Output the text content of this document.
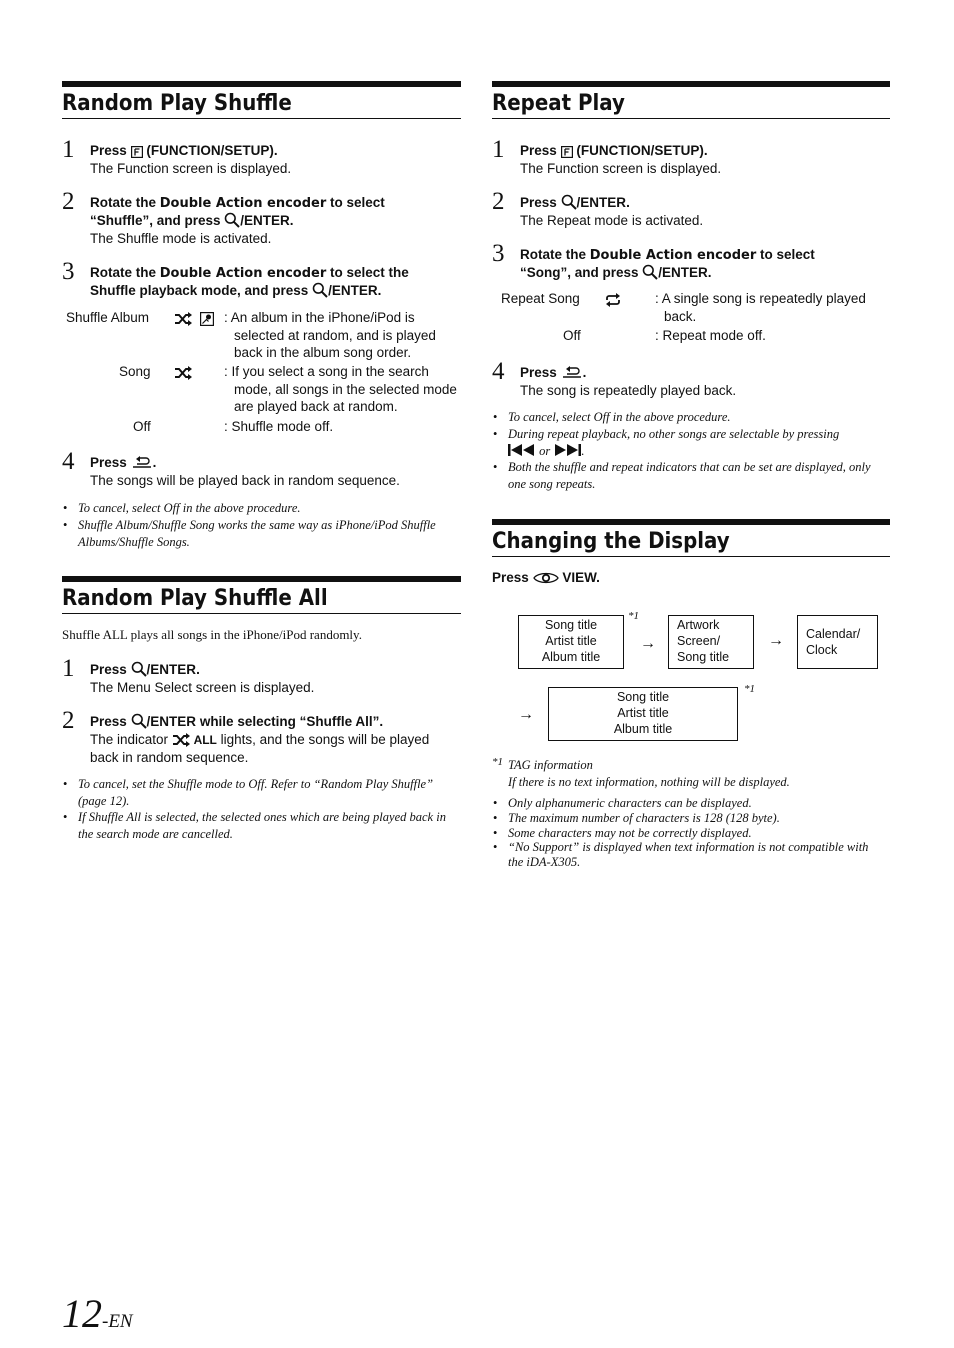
Random Play Shuffle
1 Press (FUNCTION/SETUP).
The Function screen is displayed.
2 Rotate the Double Action encoder to select
“Shuffle”, and press /ENTER.
The Shuffle mode is activated.
3 Rotate the Double Action encoder to select the
Shuffle playback mode, and press /ENTER.
Shuffle Album	: An album in the iPhone/iPod is selected at random, and is played back in the album song order.
Song	: If you select a song in the search mode, all songs in the selected mode are played back at random.
Off	: Shuffle mode off.
4 Press .
The songs will be played back in random sequence.
• To cancel, select Off in the above procedure.
• Shuffle Album/Shuffle Song works the same way as iPhone/iPod Shuffle Albums/Shuffle Songs.
Random Play Shuffle All
Shuffle ALL plays all songs in the iPhone/iPod randomly.
1 Press /ENTER.
The Menu Select screen is displayed.
2 Press /ENTER while selecting “Shuffle All”.
The indicator  ALL lights, and the songs will be played back in random sequence.
• To cancel, set the Shuffle mode to Off. Refer to “Random Play Shuffle” (page 12).
• If Shuffle All is selected, the selected ones which are being played back in the search mode are cancelled.
Repeat Play
1 Press (FUNCTION/SETUP).
The Function screen is displayed.
2 Press /ENTER.
The Repeat mode is activated.
3 Rotate the Double Action encoder to select
“Song”, and press /ENTER.
Repeat Song	: A single song is repeatedly played back.
Off	: Repeat mode off.
4 Press .
The song is repeatedly played back.
• To cancel, select Off in the above procedure.
• During repeat playback, no other songs are selectable by pressing
or .
• Both the shuffle and repeat indicators that can be set are displayed, only one song repeats.
Changing the Display
Press VIEW.
Song title
Artist title
Album title
*1
→
Artwork
Screen/
Song title
→ Calendar/
Clock
→
Song title
Artist title
Album title
*1
*1 TAG information
If there is no text information, nothing will be displayed.
• Only alphanumeric characters can be displayed.
• The maximum number of characters is 128 (128 byte).
• Some characters may not be correctly displayed.
• “No Support” is displayed when text information is not compatible with the iDA-X305.
12-EN
